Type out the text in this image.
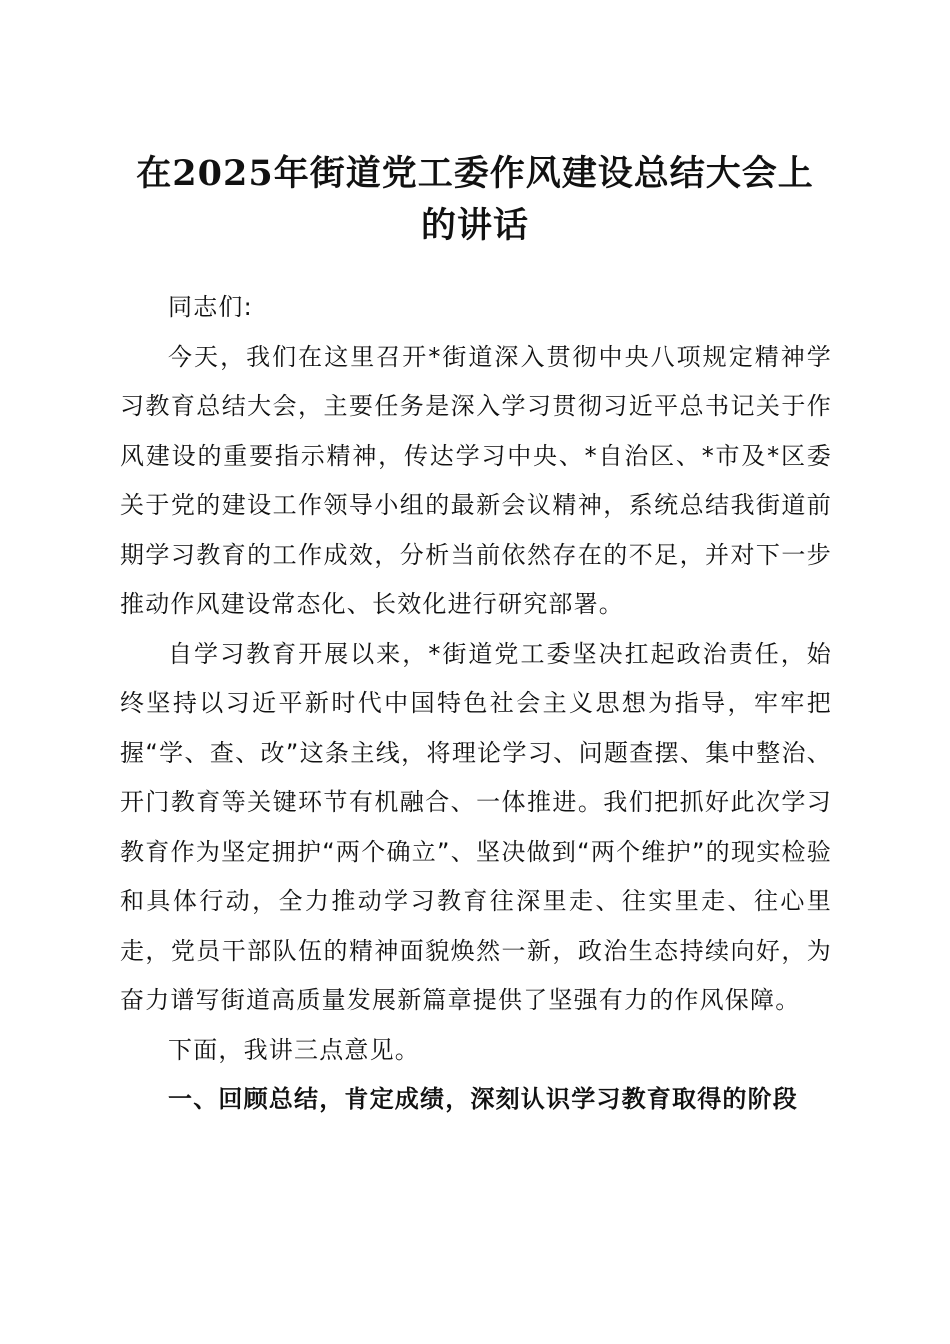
在2025年街道党工委作风建设总结大会上的讲话

同志们:

今天，我们在这里召开*街道深入贯彻中央八项规定精神学习教育总结大会，主要任务是深入学习贯彻习近平总书记关于作风建设的重要指示精神，传达学习中央、*自治区、*市及*区委关于党的建设工作领导小组的最新会议精神，系统总结我街道前期学习教育的工作成效，分析当前依然存在的不足，并对下一步推动作风建设常态化、长效化进行研究部署。

自学习教育开展以来，*街道党工委坚决扛起政治责任，始终坚持以习近平新时代中国特色社会主义思想为指导，牢牢把握“学、查、改”这条主线，将理论学习、问题查摆、集中整治、开门教育等关键环节有机融合、一体推进。我们把抓好此次学习教育作为坚定拥护“两个确立”、坚决做到“两个维护”的现实检验和具体行动，全力推动学习教育往深里走、往实里走、往心里走，党员干部队伍的精神面貌焕然一新，政治生态持续向好，为奋力谱写街道高质量发展新篇章提供了坚强有力的作风保障。

下面，我讲三点意见。

一、回顾总结，肯定成绩，深刻认识学习教育取得的阶段
